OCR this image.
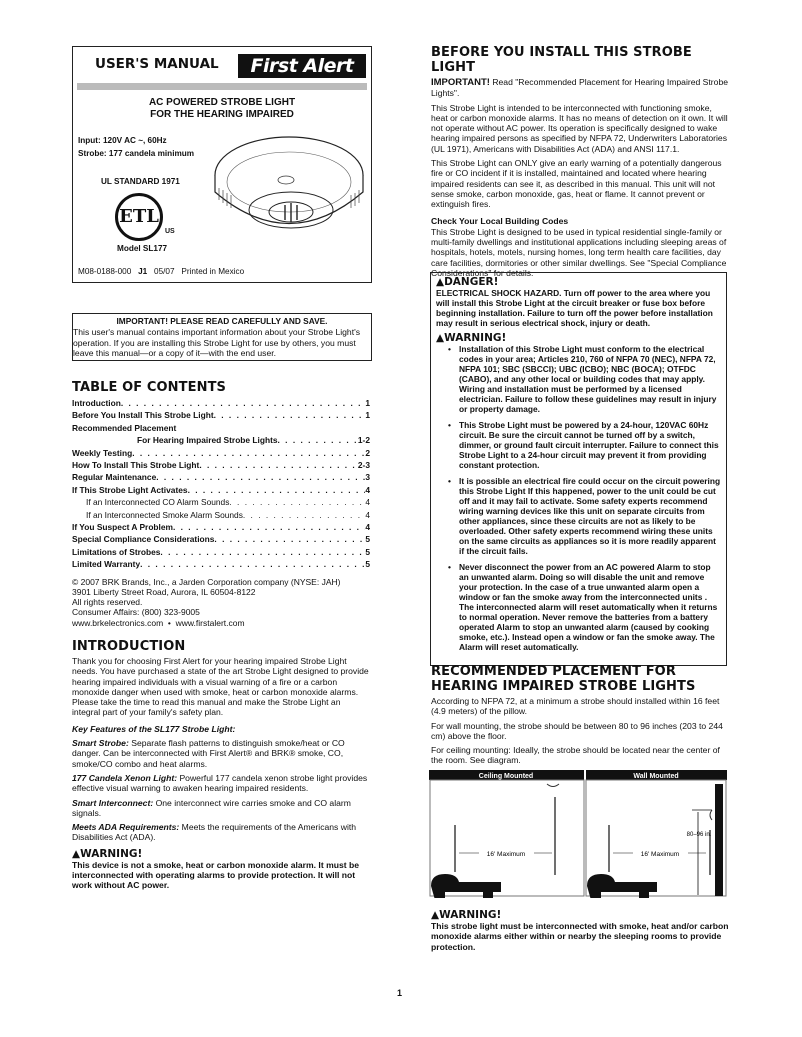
USER'S MANUAL	First Alert
AC POWERED STROBE LIGHT
FOR THE HEARING IMPAIRED
Input: 120V AC ~, 60Hz
Strobe: 177 candela minimum
UL STANDARD 1971
ETL
US
Model SL177
M08-0188-000 J1 05/07 Printed in Mexico
IMPORTANT! PLEASE READ CAREFULLY AND SAVE.
This user's manual contains important information about your Strobe Light's operation. If you are installing this Strobe Light for use by others, you must leave this manual—or a copy of it—with the end user.
TABLE OF CONTENTS
Introduction . . .	1
Before You Install This Strobe Light . . .	1
Recommended Placement
For Hearing Impaired Strobe Lights . . .	1-2
Weekly Testing . . .	2
How To Install This Strobe Light . . .	2-3
Regular Maintenance . . .	3
If This Strobe Light Activates . . .	4
If an Interconnected CO Alarm Sounds . . .	4
If an Interconnected Smoke Alarm Sounds . . .	4
If You Suspect A Problem . . .	4
Special Compliance Considerations . . .	5
Limitations of Strobes . . .	5
Limited Warranty . . .	5
© 2007 BRK Brands, Inc., a Jarden Corporation company (NYSE: JAH)
3901 Liberty Street Road, Aurora, IL 60504-8122
All rights reserved.
Consumer Affairs: (800) 323-9005
www.brkelectronics.com  •  www.firstalert.com
INTRODUCTION

Thank you for choosing First Alert for your hearing impaired Strobe Light needs. You have purchased a state of the art Strobe Light designed to provide hearing impaired individuals with a visual warning of a fire or a carbon monoxide danger when used with smoke, heat or carbon monoxide alarms. Please take the time to read this manual and make the Strobe Light an integral part of your family's safety plan.

Key Features of the SL177 Strobe Light:

Smart Strobe: Separate flash patterns to distinguish smoke/heat or CO danger. Can be interconnected with First Alert® and BRK® smoke, CO, smoke/CO combo and heat alarms.

177 Candela Xenon Light: Powerful 177 candela xenon strobe light provides effective visual warning to awaken hearing impaired residents.

Smart Interconnect: One interconnect wire carries smoke and CO alarm signals.

Meets ADA Requirements: Meets the requirements of the Americans with Disabilities Act (ADA).

▲WARNING!
This device is not a smoke, heat or carbon monoxide alarm. It must be interconnected with operating alarms to provide protection. It will not work without AC power.
BEFORE YOU INSTALL THIS STROBE LIGHT

IMPORTANT! Read "Recommended Placement for Hearing Impaired Strobe Lights".

This Strobe Light is intended to be interconnected with functioning smoke, heat or carbon monoxide alarms. It has no means of detection on it own. It will not operate without AC power. Its operation is specifically designed to wake hearing impaired persons as specified by NFPA 72, Underwriters Laboratories (UL 1971), Americans with Disabilities Act (ADA) and ANSI 117.1.

This Strobe Light can ONLY give an early warning of a potentially dangerous fire or CO incident if it is installed, maintained and located where hearing impaired residents can see it, as described in this manual. This unit will not sense smoke, carbon monoxide, gas, heat or flame. It cannot prevent or extinguish fires.

Check Your Local Building Codes

This Strobe Light is designed to be used in typical residential single-family or multi-family dwellings and institutional applications including sleeping areas of hospitals, hotels, motels, nursing homes, long term health care facilities, day care facilities, dormitories or other similar dwellings. See "Special Compliance Considerations" for details.

▲DANGER!
ELECTRICAL SHOCK HAZARD. Turn off power to the area where you will install this Strobe Light at the circuit breaker or fuse box before beginning installation. Failure to turn off the power before installation may result in serious electrical shock, injury or death.
▲WARNING!
• Installation of this Strobe Light must conform to the electrical codes in your area; Articles 210, 760 of NFPA 70 (NEC), NFPA 72, NFPA 101; SBC (SBCCI); UBC (ICBO); NBC (BOCA); OTFDC (CABO), and any other local or building codes that may apply. Wiring and installation must be performed by a licensed electrician. Failure to follow these guidelines may result in injury or property damage.
• This Strobe Light must be powered by a 24-hour, 120VAC 60Hz circuit. Be sure the circuit cannot be turned off by a switch, dimmer, or ground fault circuit interrupter. Failure to connect this Strobe Light to a 24-hour circuit may prevent it from providing constant protection.
• It is possible an electrical fire could occur on the circuit powering this Strobe Light If this happened, power to the unit could be cut off and it may fail to activate. Some safety experts recommend wiring warning devices like this unit on separate circuits from other appliances, since these circuits are not as likely to be overloaded. Other safety experts recommend wiring these units on the same circuits as appliances so it is more readily apparent if the circuit fails.
• Never disconnect the power from an AC powered Alarm to stop an unwanted alarm. Doing so will disable the unit and remove your protection. In the case of a true unwanted alarm open a window or fan the smoke away from the interconnected units . The interconnected alarm will reset automatically when it returns to normal operation. Never remove the batteries from a battery operated Alarm to stop an unwanted alarm (caused by cooking smoke, etc.). Instead open a window or fan the smoke away. The Alarm will reset automatically.
RECOMMENDED PLACEMENT FOR HEARING IMPAIRED STROBE LIGHTS

According to NFPA 72, at a minimum a strobe should installed within 16 feet (4.9 meters) of the pillow.

For wall mounting, the strobe should be between 80 to 96 inches (203 to 244 cm) above the floor.

For ceiling mounting: Ideally, the strobe should be located near the center of the room. See diagram.

Ceiling Mounted	Wall Mounted
16' Maximum
80–96 in.
16' Maximum
▲WARNING!
This strobe light must be interconnected with smoke, heat and/or carbon monoxide alarms either within or nearby the sleeping rooms to provide protection.
1
